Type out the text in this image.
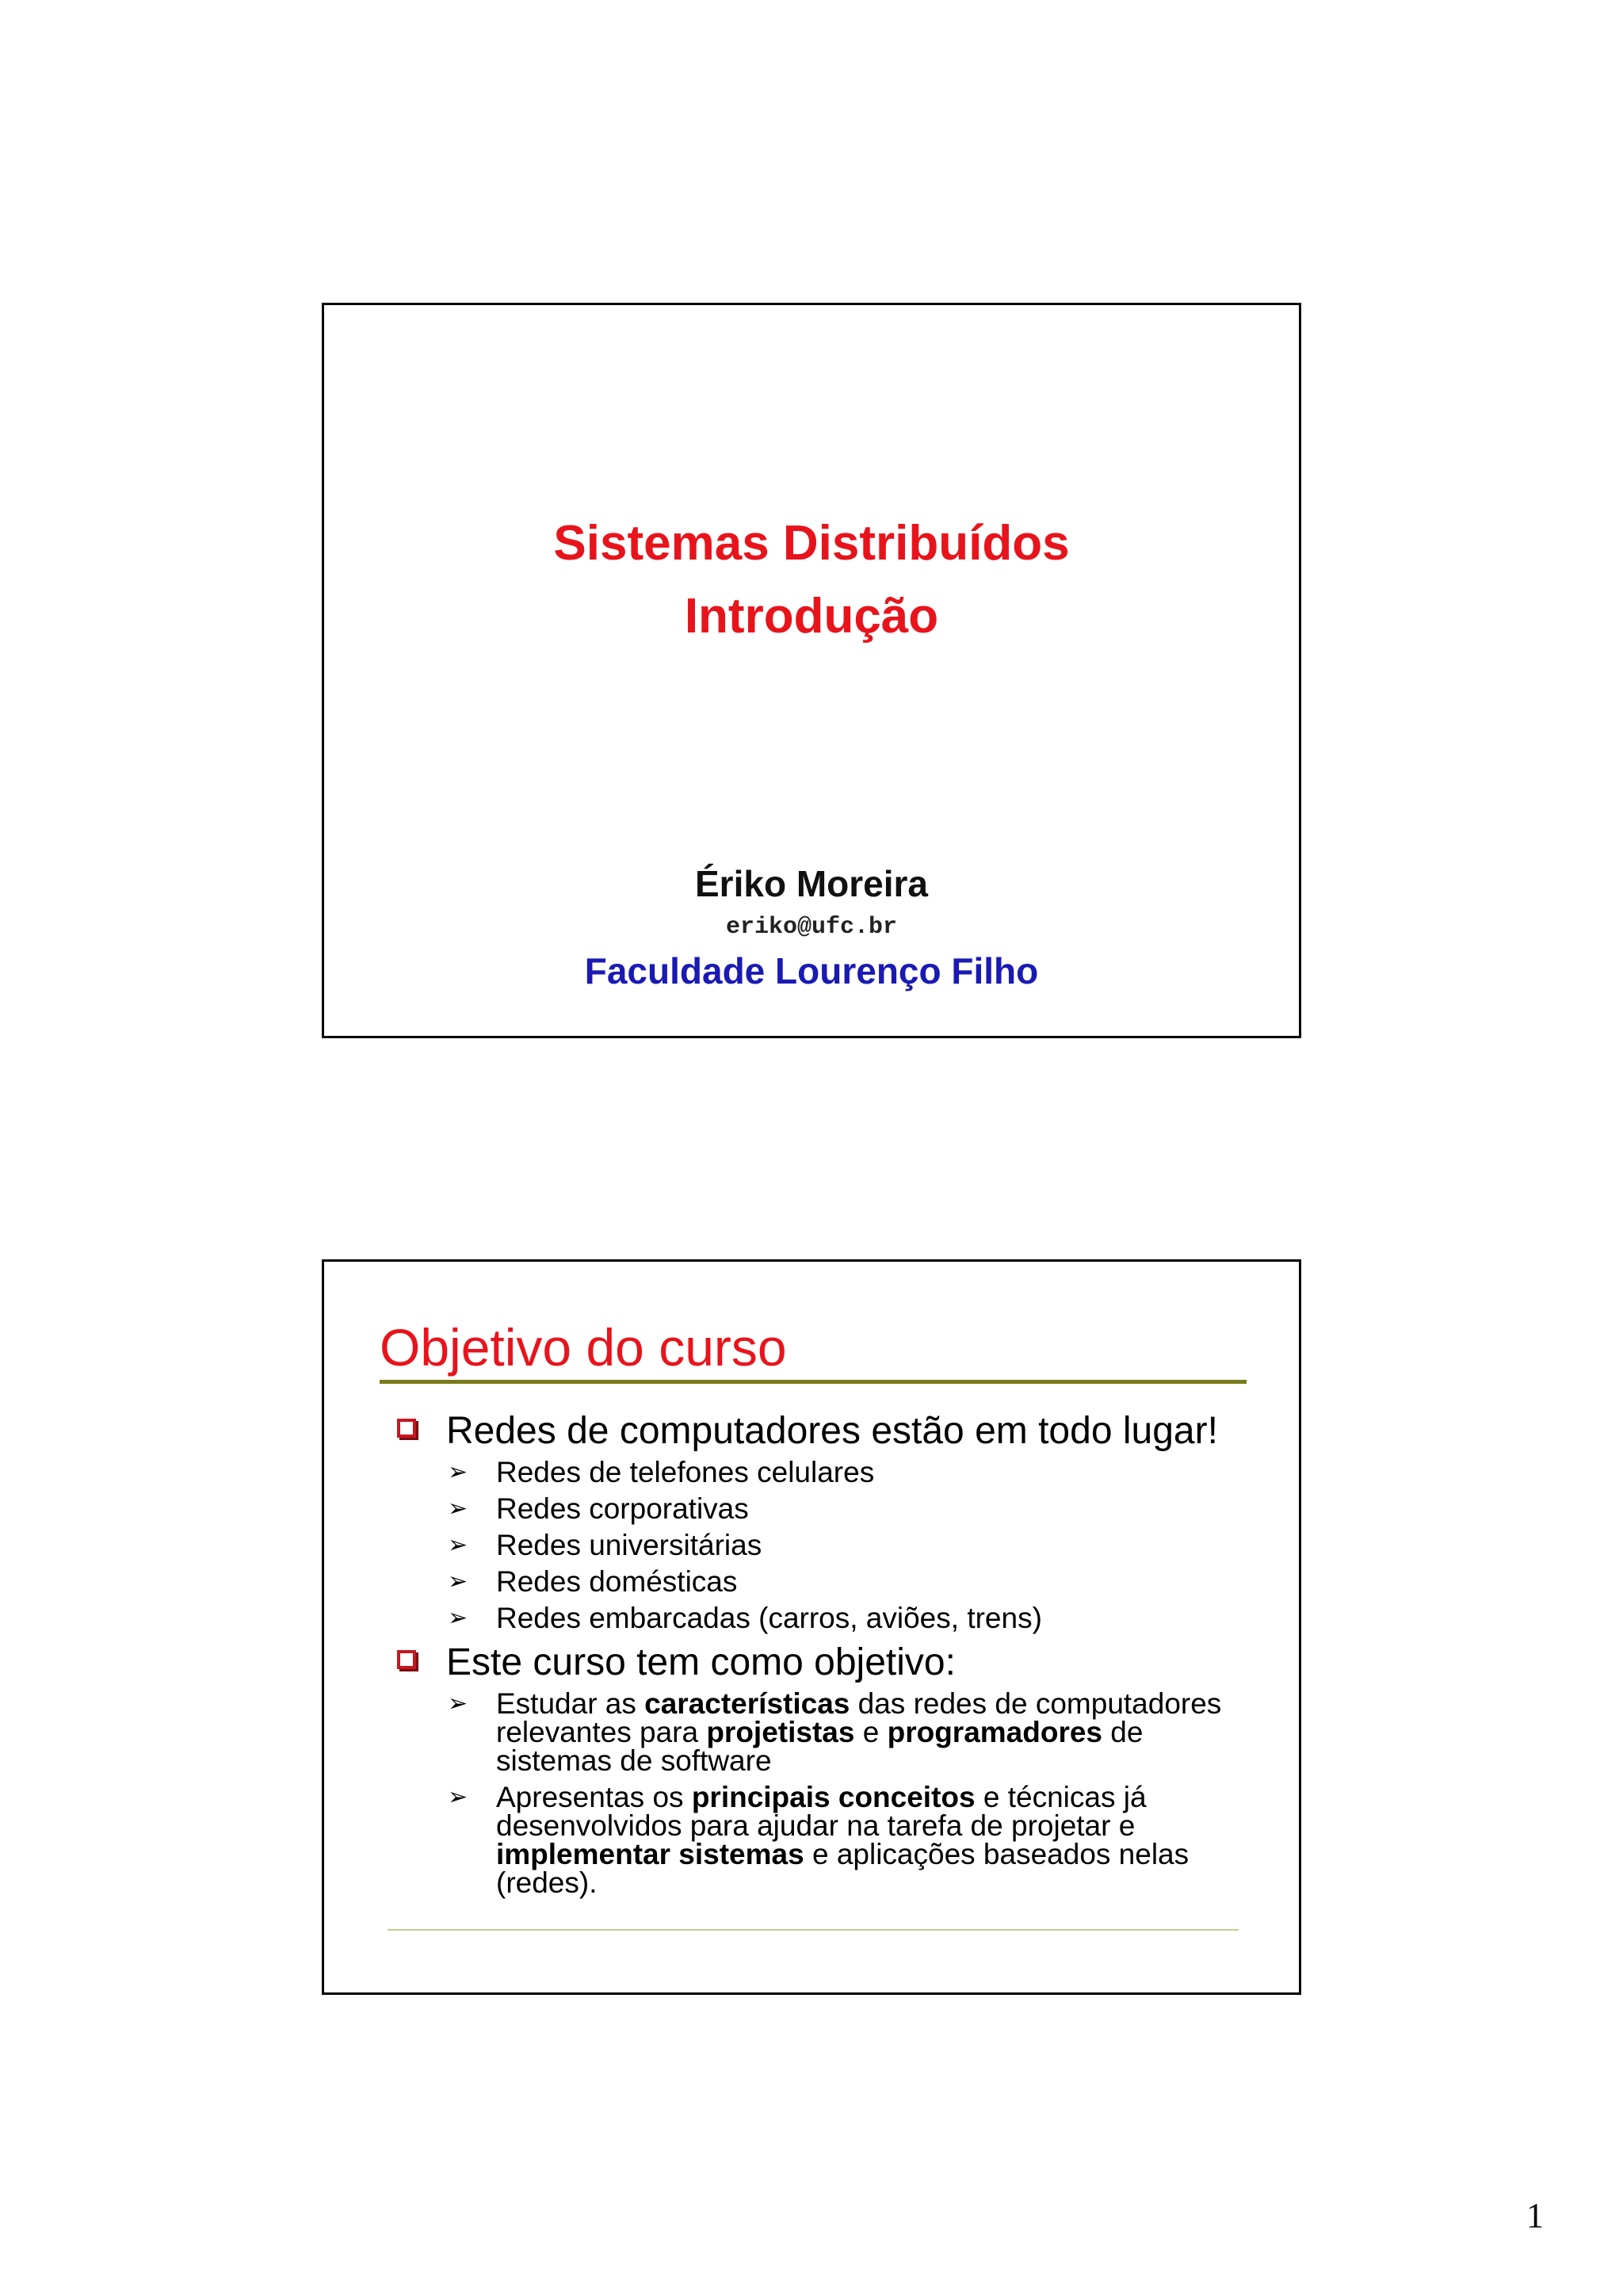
Sistemas Distribuídos
Introdução
Ériko Moreira
eriko@ufc.br
Faculdade Lourenço Filho
Objetivo do curso
Redes de computadores estão em todo lugar!
➢ Redes de telefones celulares
➢ Redes corporativas
➢ Redes universitárias
➢ Redes domésticas
➢ Redes embarcadas (carros, aviões, trens)
Este curso tem como objetivo:
➢ Estudar as características das redes de computadores relevantes para projetistas e programadores de sistemas de software
➢ Apresentas os principais conceitos e técnicas já desenvolvidos para ajudar na tarefa de projetar e implementar sistemas e aplicações baseados nelas (redes).
1
